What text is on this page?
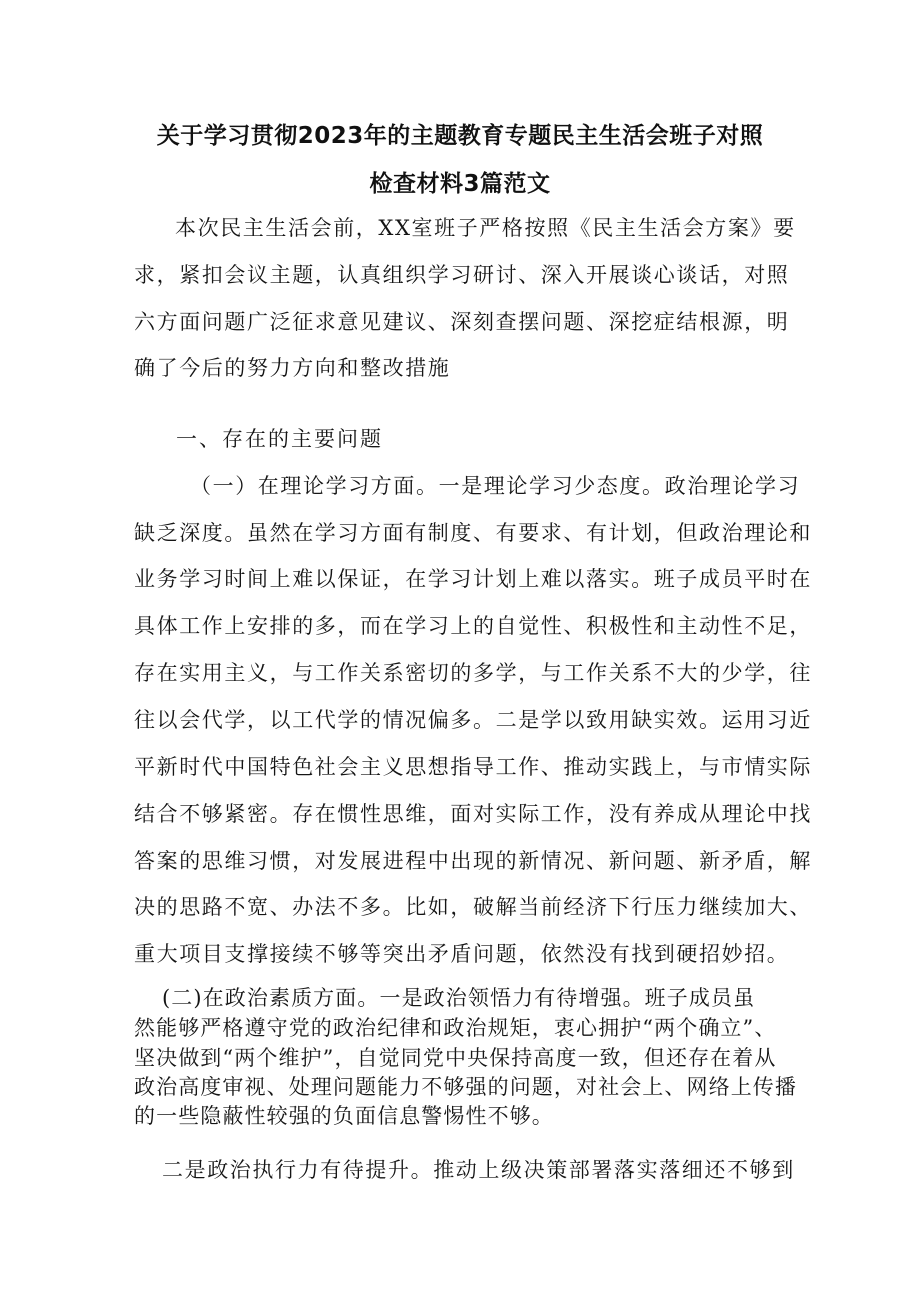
关于学习贯彻2023年的主题教育专题民主生活会班子对照
检查材料3篇范文
本次民主生活会前，XX室班子严格按照《民主生活会方案》要
求，紧扣会议主题，认真组织学习研讨、深入开展谈心谈话，对照
六方面问题广泛征求意见建议、深刻查摆问题、深挖症结根源，明
确了今后的努力方向和整改措施
一、存在的主要问题
（一）在理论学习方面。一是理论学习少态度。政治理论学习
缺乏深度。虽然在学习方面有制度、有要求、有计划，但政治理论和
业务学习时间上难以保证，在学习计划上难以落实。班子成员平时在
具体工作上安排的多，而在学习上的自觉性、积极性和主动性不足，
存在实用主义，与工作关系密切的多学，与工作关系不大的少学，往
往以会代学，以工代学的情况偏多。二是学以致用缺实效。运用习近
平新时代中国特色社会主义思想指导工作、推动实践上，与市情实际
结合不够紧密。存在惯性思维，面对实际工作，没有养成从理论中找
答案的思维习惯，对发展进程中出现的新情况、新问题、新矛盾，解
决的思路不宽、办法不多。比如，破解当前经济下行压力继续加大、
重大项目支撑接续不够等突出矛盾问题，依然没有找到硬招妙招。
(二)在政治素质方面。一是政治领悟力有待增强。班子成员虽
然能够严格遵守党的政治纪律和政治规矩，衷心拥护“两个确立”、
坚决做到“两个维护”，自觉同党中央保持高度一致，但还存在着从
政治高度审视、处理问题能力不够强的问题，对社会上、网络上传播
的一些隐蔽性较强的负面信息警惕性不够。
二是政治执行力有待提升。推动上级决策部署落实落细还不够到
